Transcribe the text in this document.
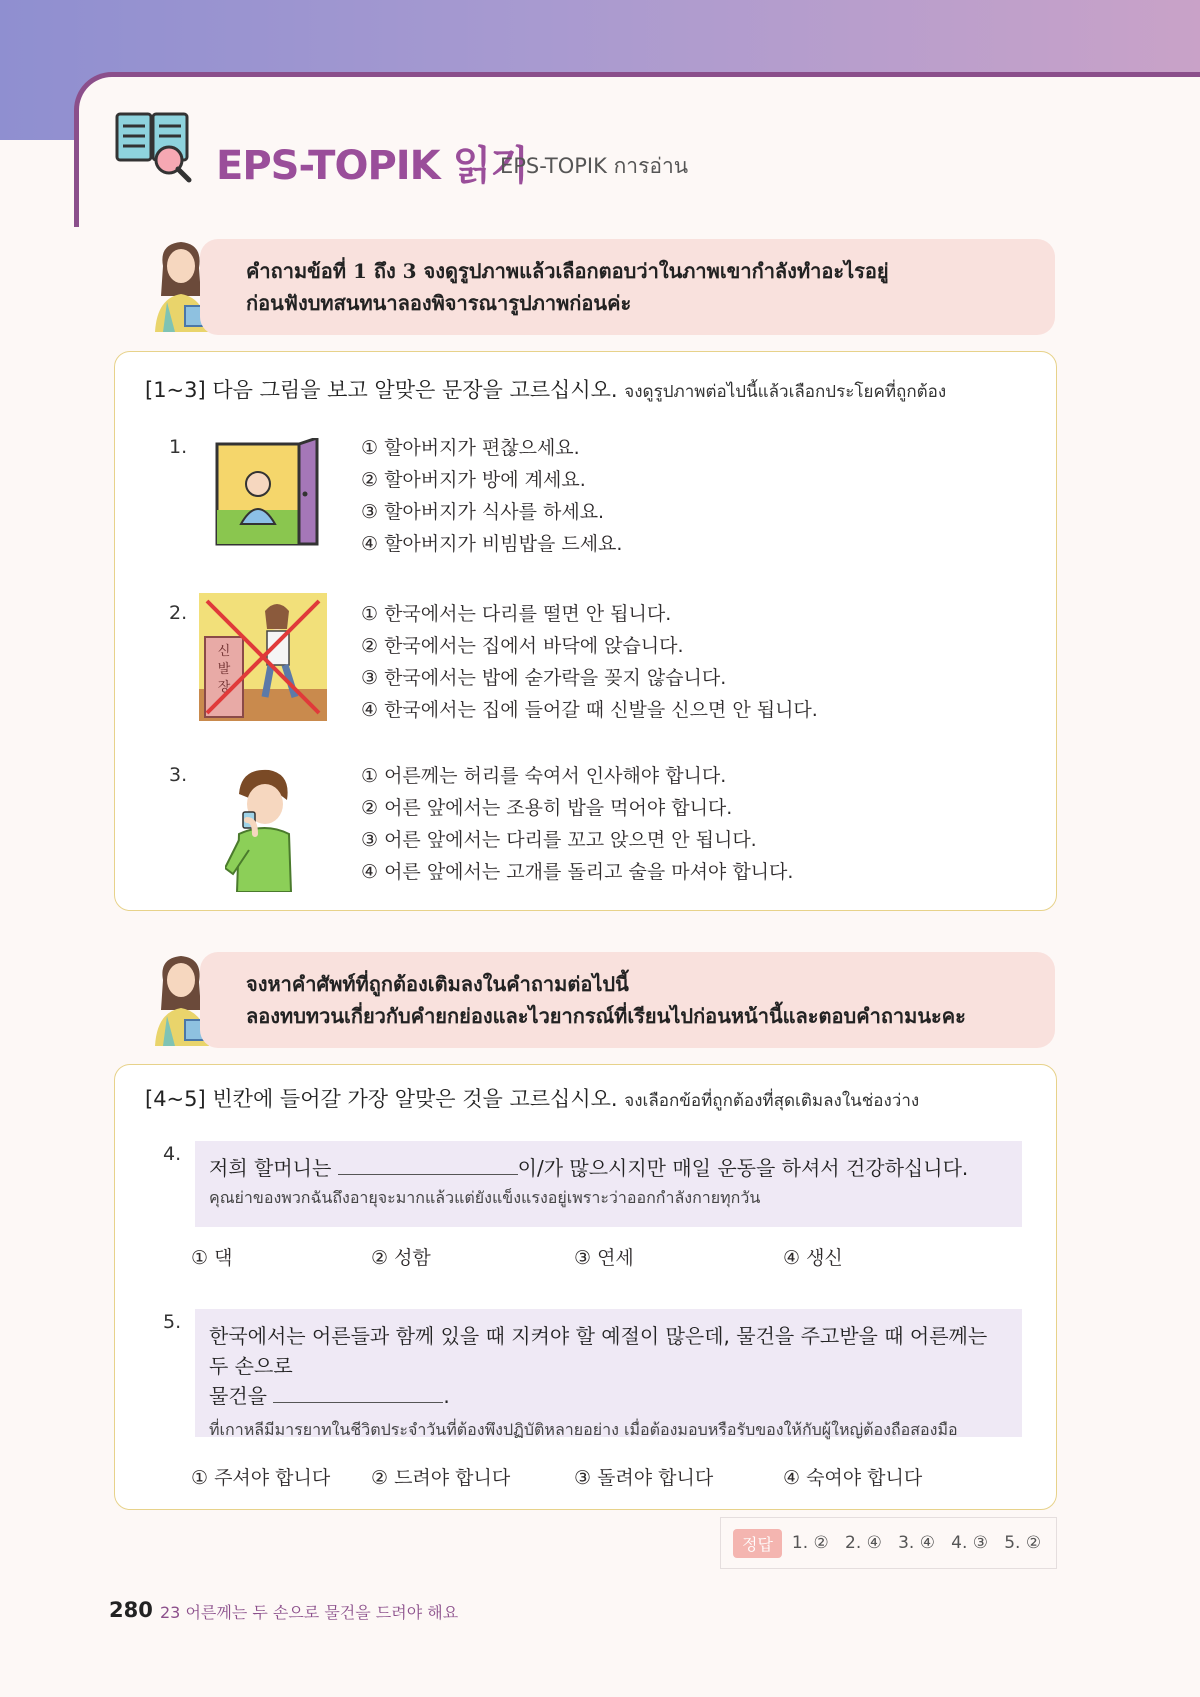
EPS-TOPIK 읽기
EPS-TOPIK การอ่าน
คำถามข้อที่ 1 ถึง 3 จงดูรูปภาพแล้วเลือกตอบว่าในภาพเขากำลังทำอะไรอยู่
ก่อนฟังบทสนทนาลองพิจารณารูปภาพก่อนค่ะ
[1~3] 다음 그림을 보고 알맞은 문장을 고르십시오. จงดูรูปภาพต่อไปนี้แล้วเลือกประโยคที่ถูกต้อง
1.	① 할아버지가 편찮으세요.
② 할아버지가 방에 계세요.
③ 할아버지가 식사를 하세요.
④ 할아버지가 비빔밥을 드세요.
2.
신
발
장
① 한국에서는 다리를 떨면 안 됩니다.
② 한국에서는 집에서 바닥에 앉습니다.
③ 한국에서는 밥에 숟가락을 꽂지 않습니다.
④ 한국에서는 집에 들어갈 때 신발을 신으면 안 됩니다.
3.	① 어른께는 허리를 숙여서 인사해야 합니다.
② 어른 앞에서는 조용히 밥을 먹어야 합니다.
③ 어른 앞에서는 다리를 꼬고 앉으면 안 됩니다.
④ 어른 앞에서는 고개를 돌리고 술을 마셔야 합니다.
จงหาคำศัพท์ที่ถูกต้องเติมลงในคำถามต่อไปนี้
ลองทบทวนเกี่ยวกับคำยกย่องและไวยากรณ์ที่เรียนไปก่อนหน้านี้และตอบคำถามนะคะ
[4~5] 빈칸에 들어갈 가장 알맞은 것을 고르십시오. จงเลือกข้อที่ถูกต้องที่สุดเติมลงในช่องว่าง
4.
저희 할머니는	이/가 많으시지만 매일 운동을 하셔서 건강하십니다.
คุณย่าของพวกฉันถึงอายุจะมากแล้วแต่ยังแข็งแรงอยู่เพราะว่าออกกำลังกายทุกวัน
① 댁	② 성함	③ 연세	④ 생신
5.
한국에서는 어른들과 함께 있을 때 지켜야 할 예절이 많은데, 물건을 주고받을 때 어른께는 두 손으로
물건을	.
ที่เกาหลีมีมารยาทในชีวิตประจำวันที่ต้องพึงปฏิบัติหลายอย่าง เมื่อต้องมอบหรือรับของให้กับผู้ใหญ่ต้องถือสองมือ
① 주셔야 합니다 ② 드려야 합니다	③ 돌려야 합니다	④ 숙여야 합니다
정답	1. ②   2. ④   3. ④   4. ③   5. ②
280 23 어른께는 두 손으로 물건을 드려야 해요
